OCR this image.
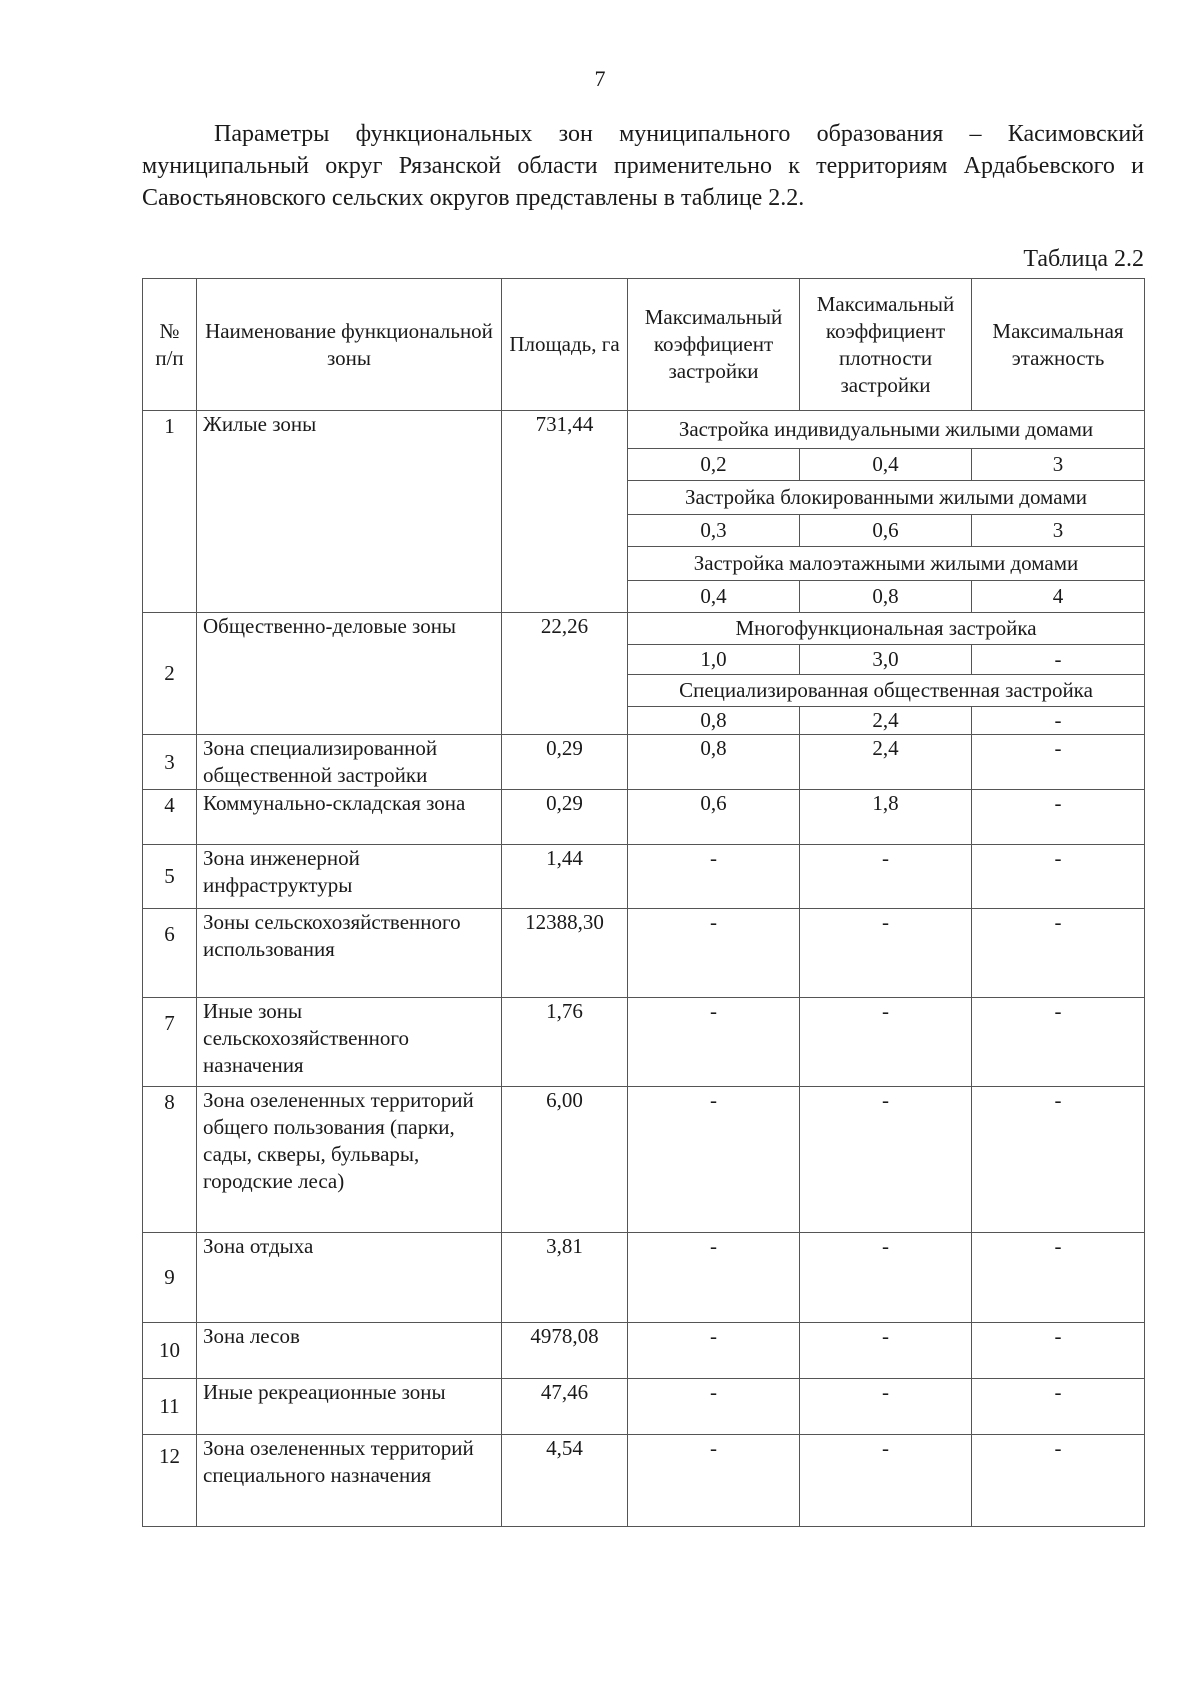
7
Параметры функциональных зон муниципального образования – Касимовский муниципальный округ Рязанской области применительно к территориям Ардабьевского и Савостьяновского сельских округов представлены в таблице 2.2.
Таблица 2.2
№ п/п	Наименование функциональной зоны	Площадь, га	Максимальный коэффициент застройки	Максимальный коэффициент плотности застройки	Максимальная этажность
1	Жилые зоны	731,44	Застройка индивидуальными жилыми домами		
			0,2	0,4	3
			Застройка блокированными жилыми домами		
			0,3	0,6	3
			Застройка малоэтажными жилыми домами		
			0,4	0,8	4
2	Общественно-деловые зоны	22,26	Многофункциональная застройка		
			1,0	3,0	-
			Специализированная общественная застройка		
			0,8	2,4	-
3	Зона специализированной общественной застройки	0,29	0,8	2,4	-
4	Коммунально-складская зона	0,29	0,6	1,8	-
5	Зона инженерной инфраструктуры	1,44	-	-	-
6	Зоны сельскохозяйственного использования	12388,30	-	-	-
7	Иные зоны сельскохозяйственного назначения	1,76	-	-	-
8	Зона озелененных территорий общего пользования (парки, сады, скверы, бульвары, городские леса)	6,00	-	-	-
9	Зона отдыха	3,81	-	-	-
10	Зона лесов	4978,08	-	-	-
11	Иные рекреационные зоны	47,46	-	-	-
12	Зона озелененных территорий специального назначения	4,54	-	-	-
